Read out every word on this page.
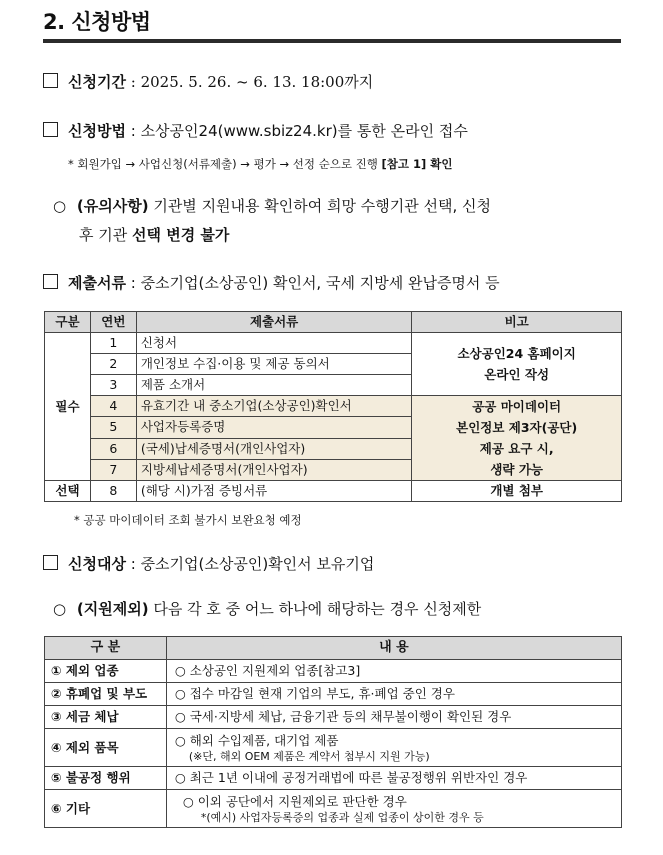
2. 신청방법
신청기간 : 2025. 5. 26. ~ 6. 13. 18:00까지
신청방법 : 소상공인24(www.sbiz24.kr)를 통한 온라인 접수
* 회원가입 → 사업신청(서류제출) → 평가 → 선정 순으로 진행 [참고 1] 확인
○ (유의사항) 기관별 지원내용 확인하여 희망 수행기관 선택, 신청
후 기관 선택 변경 불가
제출서류 : 중소기업(소상공인) 확인서, 국세 지방세 완납증명서 등
구분	연번	제출서류	비고
필수	1	신청서	소상공인24 홈페이지
온라인 작성

	2	개인정보 수집·이용 및 제공 동의서	
	3	제품 소개서	
	4	유효기간 내 중소기업(소상공인)확인서	공공 마이데이터
본인정보 제3자(공단)
제공 요구 시,
생략 가능

	5	사업자등록증명	
	6	(국세)납세증명서(개인사업자)	
	7	지방세납세증명서(개인사업자)	
선택	8	(해당 시)가점 증빙서류	개별 첨부
* 공공 마이데이터 조회 불가시 보완요청 예정
신청대상 : 중소기업(소상공인)확인서 보유기업
○ (지원제외) 다음 각 호 중 어느 하나에 해당하는 경우 신청제한
구 분	내 용
① 제외 업종	○ 소상공인 지원제외 업종[참고3]
② 휴폐업 및 부도	○ 접수 마감일 현재 기업의 부도, 휴·폐업 중인 경우
③ 세금 체납	○ 국세·지방세 체납, 금융기관 등의 채무불이행이 확인된 경우
④ 제외 품목	○ 해외 수입제품, 대기업 제품
(※단, 해외 OEM 제품은 계약서 첨부시 지원 가능)

⑤ 불공정 행위	○ 최근 1년 이내에 공정거래법에 따른 불공정행위 위반자인 경우
⑥ 기타	○ 이외 공단에서 지원제외로 판단한 경우
*(예시) 사업자등록증의 업종과 실제 업종이 상이한 경우 등
